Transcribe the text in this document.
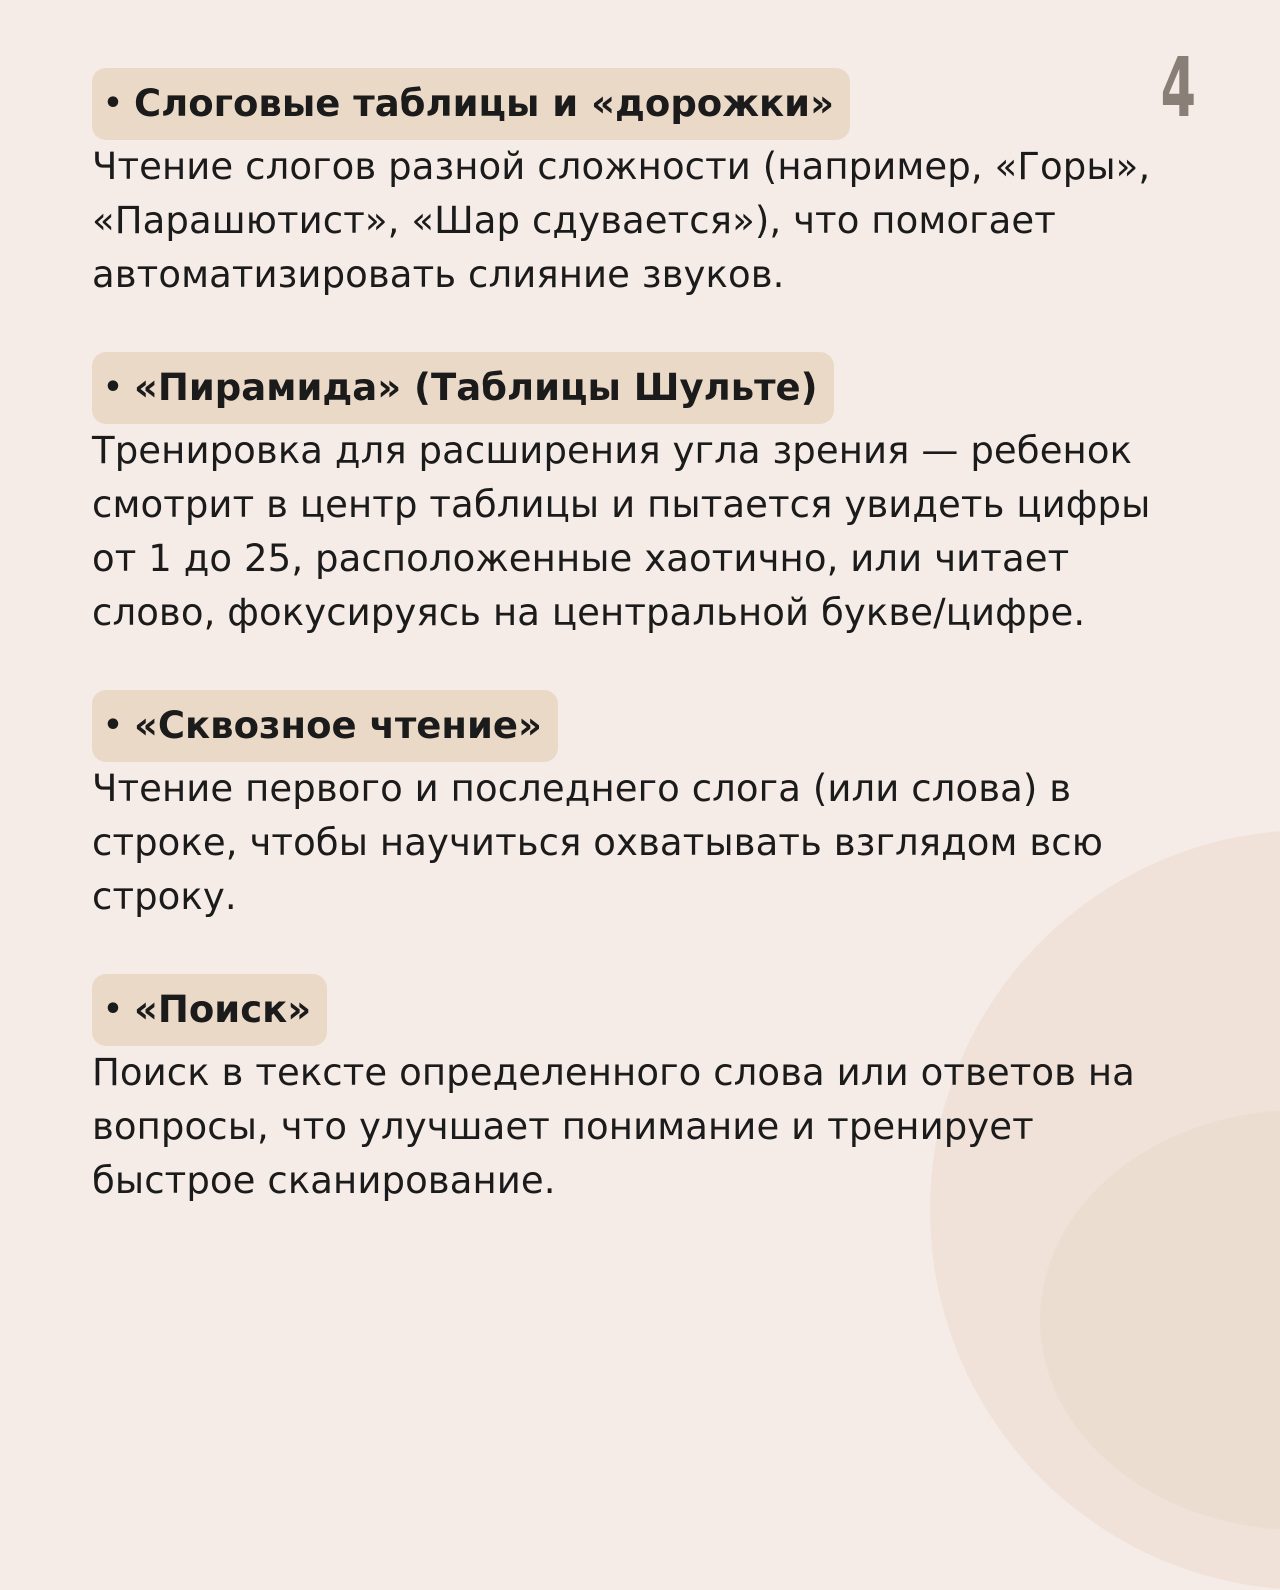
4
• Слоговые таблицы и «дорожки»

Чтение слогов разной сложности (например, «Горы», «Парашютист», «Шар сдувается»), что помогает автоматизировать слияние звуков.

• «Пирамида» (Таблицы Шульте)

Тренировка для расширения угла зрения — ребенок смотрит в центр таблицы и пытается увидеть цифры от 1 до 25, расположенные хаотично, или читает слово, фокусируясь на центральной букве/цифре.

• «Сквозное чтение»

Чтение первого и последнего слога (или слова) в строке, чтобы научиться охватывать взглядом всю строку.

• «Поиск»

Поиск в тексте определенного слова или ответов на вопросы, что улучшает понимание и тренирует быстрое сканирование.
